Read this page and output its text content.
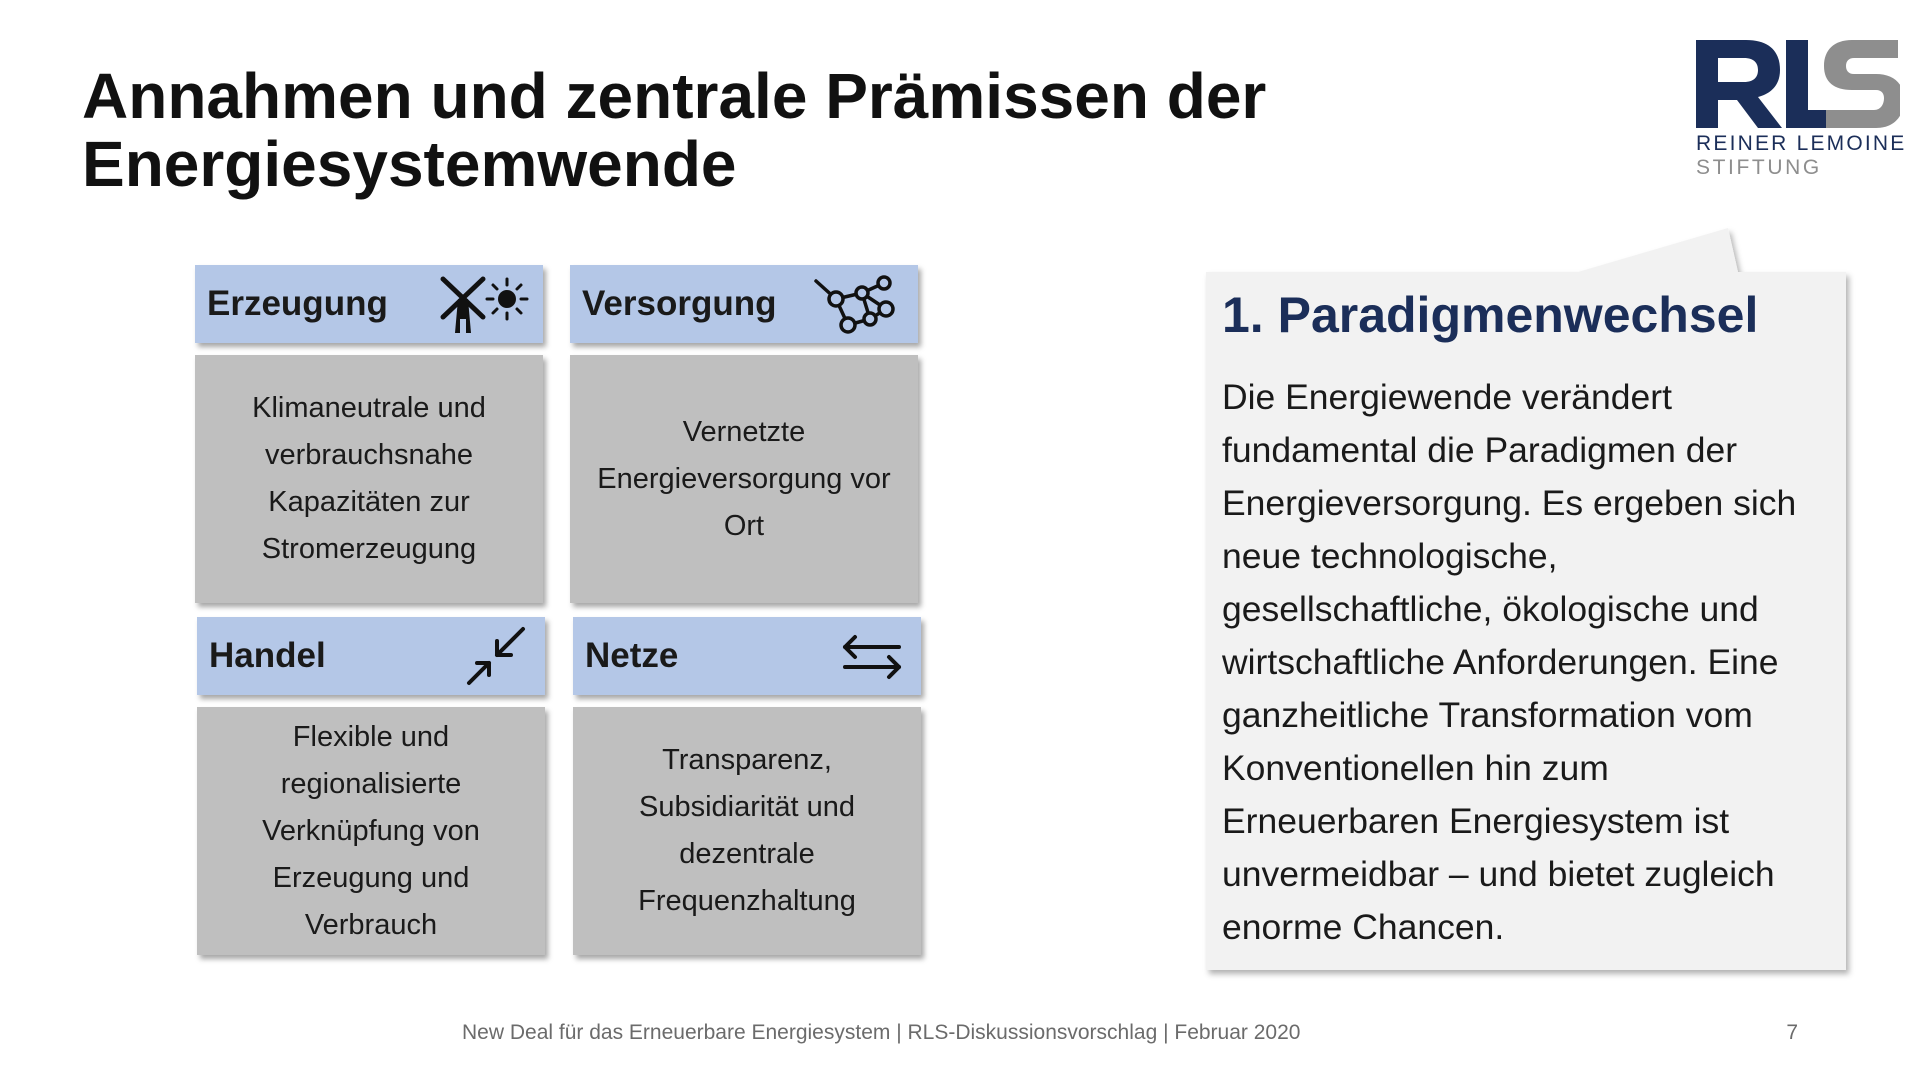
Annahmen und zentrale Prämissen der
Energiesystemwende	REINER LEMOINE
STIFTUNG
Erzeugung
Klimaneutrale und
verbrauchsnahe
Kapazitäten zur
Stromerzeugung
Versorgung
Vernetzte
Energieversorgung vor
Ort
Handel
Flexible und
regionalisierte
Verknüpfung von
Erzeugung und
Verbrauch
Netze
Transparenz,
Subsidiarität und
dezentrale
Frequenzhaltung
1. Paradigmenwechsel
Die Energiewende verändert
fundamental die Paradigmen der
Energieversorgung. Es ergeben sich
neue technologische,
gesellschaftliche, ökologische und
wirtschaftliche Anforderungen. Eine
ganzheitliche Transformation vom
Konventionellen hin zum
Erneuerbaren Energiesystem ist
unvermeidbar – und bietet zugleich
enorme Chancen.
New Deal für das Erneuerbare Energiesystem | RLS-Diskussionsvorschlag | Februar 2020	7
